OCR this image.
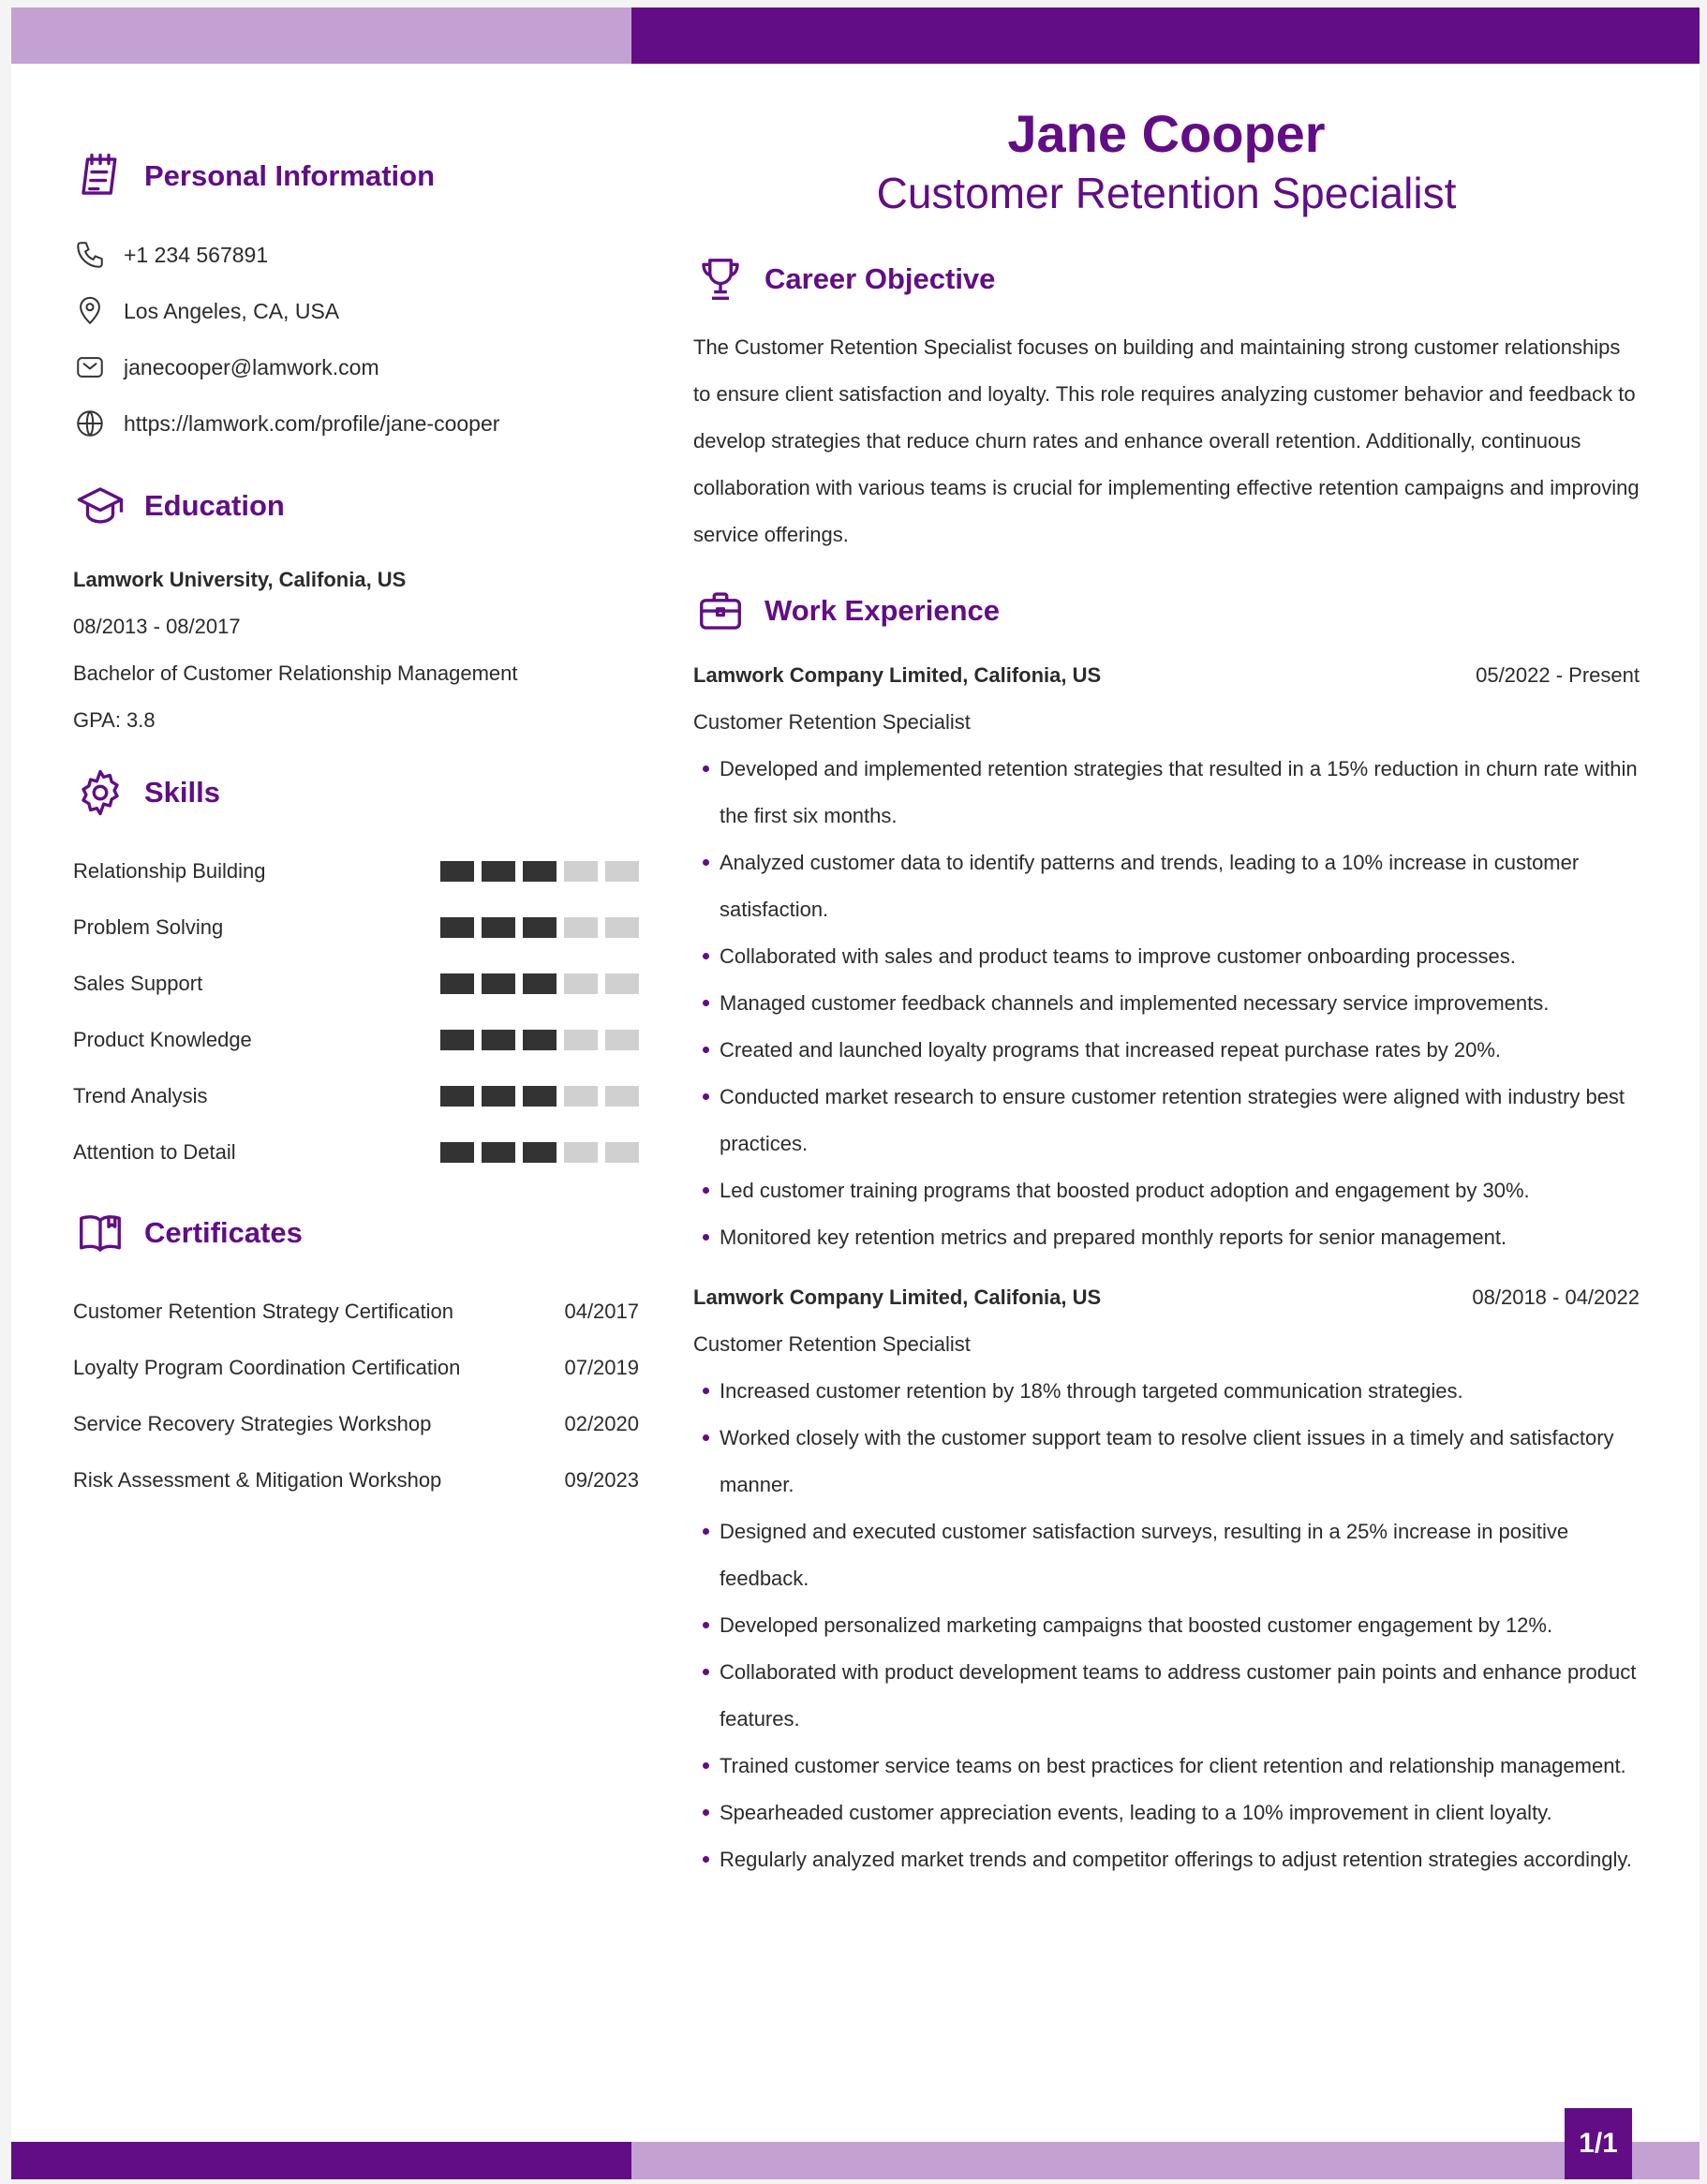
Personal Information
+1 234 567891
Los Angeles, CA, USA
janecooper@lamwork.com
https://lamwork.com/profile/jane-cooper
Education
Lamwork University, Califonia, US
08/2013 - 08/2017
Bachelor of Customer Relationship Management
GPA: 3.8
Skills
Relationship Building
Problem Solving
Sales Support
Product Knowledge
Trend Analysis
Attention to Detail
Certificates
Customer Retention Strategy Certification	04/2017
Loyalty Program Coordination Certification	07/2019
Service Recovery Strategies Workshop	02/2020
Risk Assessment & Mitigation Workshop	09/2023
Jane Cooper
Customer Retention Specialist
Career Objective

The Customer Retention Specialist focuses on building and maintaining strong customer relationships to ensure client satisfaction and loyalty. This role requires analyzing customer behavior and feedback to develop strategies that reduce churn rates and enhance overall retention. Additionally, continuous collaboration with various teams is crucial for implementing effective retention campaigns and improving service offerings.

Work Experience
Lamwork Company Limited, Califonia, US	05/2022 - Present
Customer Retention Specialist
Developed and implemented retention strategies that resulted in a 15% reduction in churn rate within the first six months.
Analyzed customer data to identify patterns and trends, leading to a 10% increase in customer satisfaction.
Collaborated with sales and product teams to improve customer onboarding processes.
Managed customer feedback channels and implemented necessary service improvements.
Created and launched loyalty programs that increased repeat purchase rates by 20%.
Conducted market research to ensure customer retention strategies were aligned with industry best practices.
Led customer training programs that boosted product adoption and engagement by 30%.
Monitored key retention metrics and prepared monthly reports for senior management.
Lamwork Company Limited, Califonia, US	08/2018 - 04/2022
Customer Retention Specialist
Increased customer retention by 18% through targeted communication strategies.
Worked closely with the customer support team to resolve client issues in a timely and satisfactory manner.
Designed and executed customer satisfaction surveys, resulting in a 25% increase in positive feedback.
Developed personalized marketing campaigns that boosted customer engagement by 12%.
Collaborated with product development teams to address customer pain points and enhance product features.
Trained customer service teams on best practices for client retention and relationship management.
Spearheaded customer appreciation events, leading to a 10% improvement in client loyalty.
Regularly analyzed market trends and competitor offerings to adjust retention strategies accordingly.
1/1
